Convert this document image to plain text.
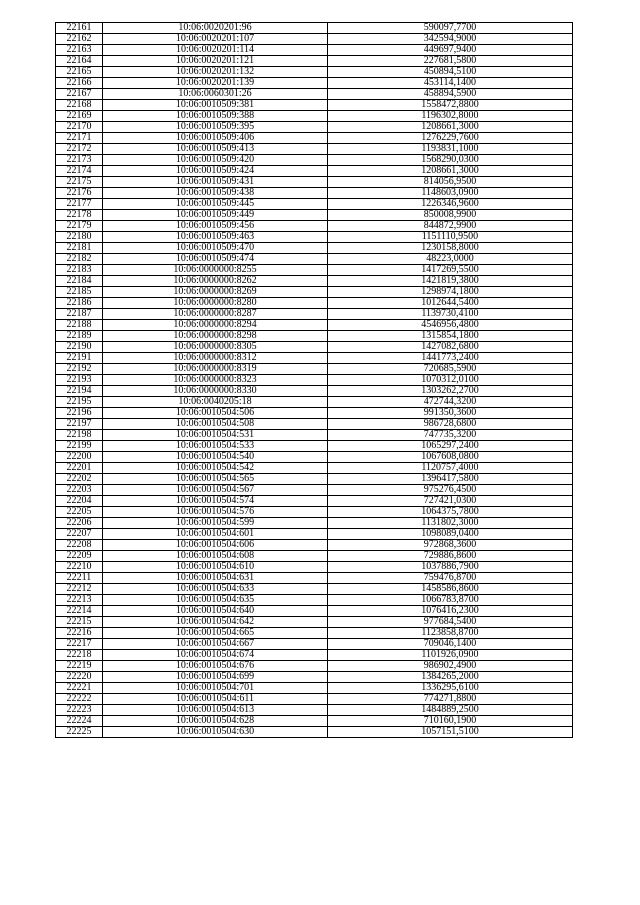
22161	10:06:0020201:96	590097,7700
22162	10:06:0020201:107	342594,9000
22163	10:06:0020201:114	449697,9400
22164	10:06:0020201:121	227681,5800
22165	10:06:0020201:132	450894,5100
22166	10:06:0020201:139	453114,1400
22167	10:06:0060301:26	458894,5900
22168	10:06:0010509:381	1558472,8800
22169	10:06:0010509:388	1196302,8000
22170	10:06:0010509:395	1208661,3000
22171	10:06:0010509:406	1276229,7600
22172	10:06:0010509:413	1193831,1000
22173	10:06:0010509:420	1568290,0300
22174	10:06:0010509:424	1208661,3000
22175	10:06:0010509:431	814056,9500
22176	10:06:0010509:438	1148603,0900
22177	10:06:0010509:445	1226346,9600
22178	10:06:0010509:449	850008,9900
22179	10:06:0010509:456	844872,9900
22180	10:06:0010509:463	1151110,9500
22181	10:06:0010509:470	1230158,8000
22182	10:06:0010509:474	48223,0000
22183	10:06:0000000:8255	1417269,5500
22184	10:06:0000000:8262	1421819,3800
22185	10:06:0000000:8269	1298974,1800
22186	10:06:0000000:8280	1012644,5400
22187	10:06:0000000:8287	1139730,4100
22188	10:06:0000000:8294	4546956,4800
22189	10:06:0000000:8298	1315854,1800
22190	10:06:0000000:8305	1427082,6800
22191	10:06:0000000:8312	1441773,2400
22192	10:06:0000000:8319	720685,5900
22193	10:06:0000000:8323	1070312,0100
22194	10:06:0000000:8330	1303262,2700
22195	10:06:0040205:18	472744,3200
22196	10:06:0010504:506	991350,3600
22197	10:06:0010504:508	986728,6800
22198	10:06:0010504:531	747735,3200
22199	10:06:0010504:533	1065297,2400
22200	10:06:0010504:540	1067608,0800
22201	10:06:0010504:542	1120757,4000
22202	10:06:0010504:565	1396417,5800
22203	10:06:0010504:567	975276,4500
22204	10:06:0010504:574	727421,0300
22205	10:06:0010504:576	1064375,7800
22206	10:06:0010504:599	1131802,3000
22207	10:06:0010504:601	1098089,0400
22208	10:06:0010504:606	972868,3600
22209	10:06:0010504:608	729886,8600
22210	10:06:0010504:610	1037886,7900
22211	10:06:0010504:631	759476,8700
22212	10:06:0010504:633	1458586,8600
22213	10:06:0010504:635	1066783,8700
22214	10:06:0010504:640	1076416,2300
22215	10:06:0010504:642	977684,5400
22216	10:06:0010504:665	1123858,8700
22217	10:06:0010504:667	709046,1400
22218	10:06:0010504:674	1101926,0900
22219	10:06:0010504:676	986902,4900
22220	10:06:0010504:699	1384265,2000
22221	10:06:0010504:701	1336295,6100
22222	10:06:0010504:611	774271,8800
22223	10:06:0010504:613	1484889,2500
22224	10:06:0010504:628	710160,1900
22225	10:06:0010504:630	1057151,5100
